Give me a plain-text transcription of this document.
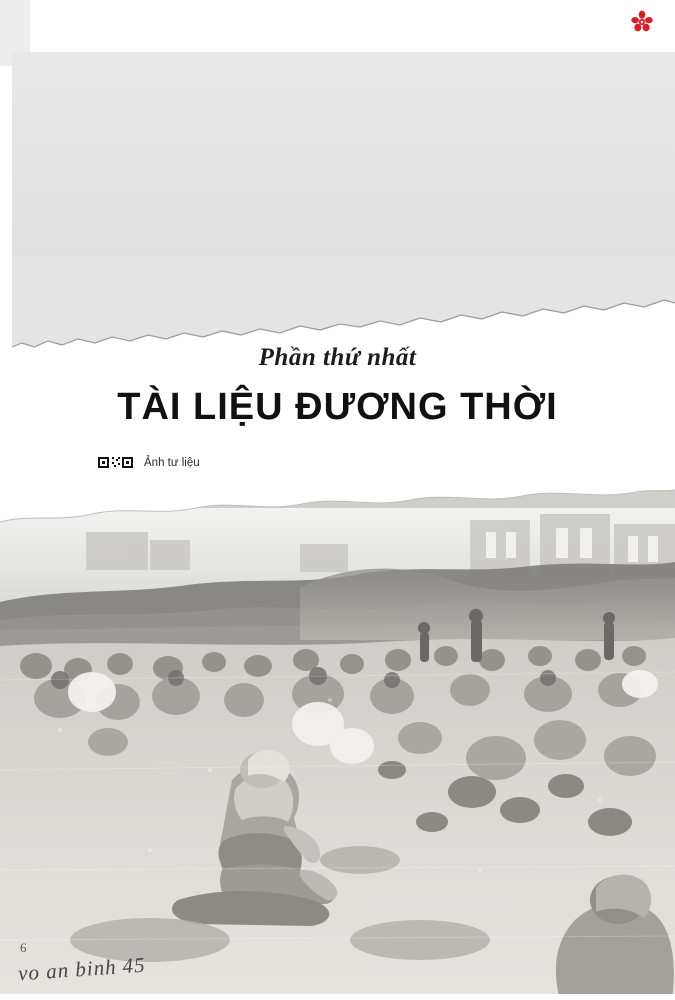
Phần thứ nhất

TÀI LIỆU ĐƯƠNG THỜI
Ảnh tư liệu
6
vo an binh 45
